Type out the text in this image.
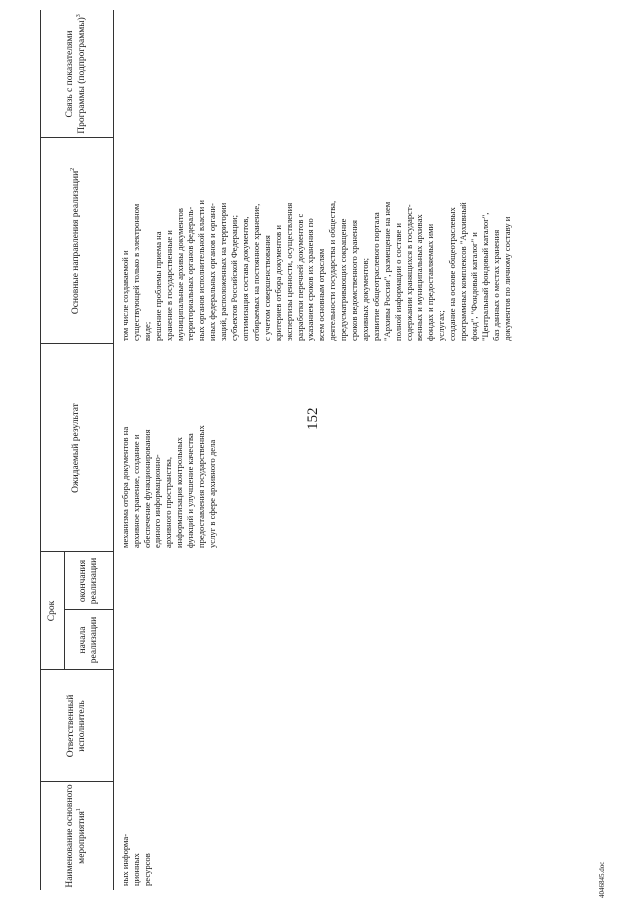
152
4046845.doc
Наименование основного мероприятия$^1$
Ответственный исполнитель
Срок
начала реализации
окончания реализации
Ожидаемый результат
Основные направления реализации$^2$
Связь с показателями Программы (подпрограммы)$^3$
ных информа- ционных ресурсов
механизма отбора документов на архивное хранение, создание и обеспечение функционирования единого информационно- архивного пространства, информатизация контрольных функций и улучшение качества предоставления государственных услуг в сфере архивного дела
том числе создаваемой и существующей только в электронном виде; решение проблемы приема на хранение в государственные и муниципальные архивы документов территориальных органов федераль- ных органов исполнительной власти и иных федеральных органов и органи- заций, расположенных на территории субъектов Российской Федерации; оптимизация состава документов, отбираемых на постоянное хранение, с учетом совершенствования критериев отбора документов и экспертизы ценности, осуществления разработки перечней документов с указанием сроков их хранения по всем основным отраслям деятельности государства и общества, предусматривающих сокращение сроков ведомственного хранения архивных документов; развитие общеотраслевого портала "Архивы России", размещение на нем полной информации о составе и содержании хранящихся в государст- венных и муниципальных архивах фондах и предоставляемых ими услугах; создание на основе общеотраслевых программных комплексов "Архивный фонд", "Фондовый каталог" и "Центральный фондовый каталог", баз данных о местах хранения документов по личному составу и
